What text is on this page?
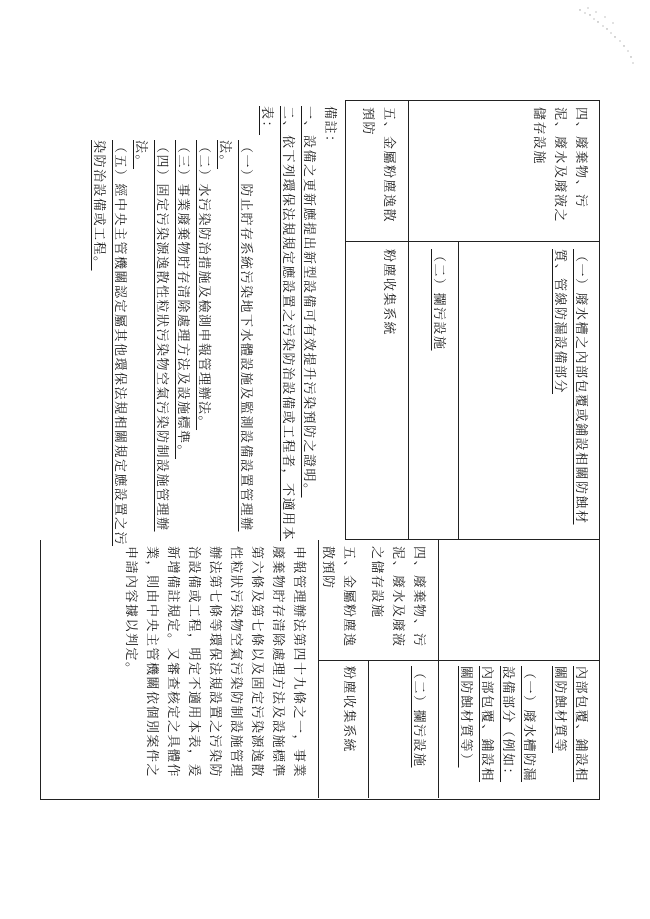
四、廢棄物、污泥、廢水及廢液之儲存設施
（一）廢水槽之內部包覆或鋪設相關防蝕材質、管線防漏設備部分
（二）攔污設施
五、金屬粉塵逸散預防
粉塵收集系統

備註：

一、設備之更新應提出新型設備可有效提升污染預防之證明。

二、依下列環保法規規定應設置之污染防治設備或工程者，不適用本表：

（一）防止貯存系統污染地下水體設施及監測設備設置管理辦法。

（二）水污染防治措施及檢測申報管理辦法。

（三）事業廢棄物貯存清除處理方法及設施標準。

（四）固定污染源逸散性粒狀污染物空氣污染防制設施管理辦法。

（五）經中央主管機關認定屬其他環保法規相關規定應設置之污染防治設備或工程。

內部包覆、鋪設相關防蝕材質等
四、廢棄物、污泥、廢水及廢液之儲存設施
（一）廢水槽防漏設備部分（例如：內部包覆、鋪設相關防蝕材質等）
（二）攔污設施
五、金屬粉塵逸散預防
粉塵收集系統
申報管理辦法第四十九條之一，事業廢棄物貯存清除處理方法及設施標準第六條及第七條以及固定污染源逸散性粒狀污染物空氣污染防制設施管理辦法第七條等環保法規設置之污染防治設備或工程，明定不適用本表，爰新增備註規定。又審查核定之具體作業，則由中央主管機關依個別案件之申請內容據以判定。
